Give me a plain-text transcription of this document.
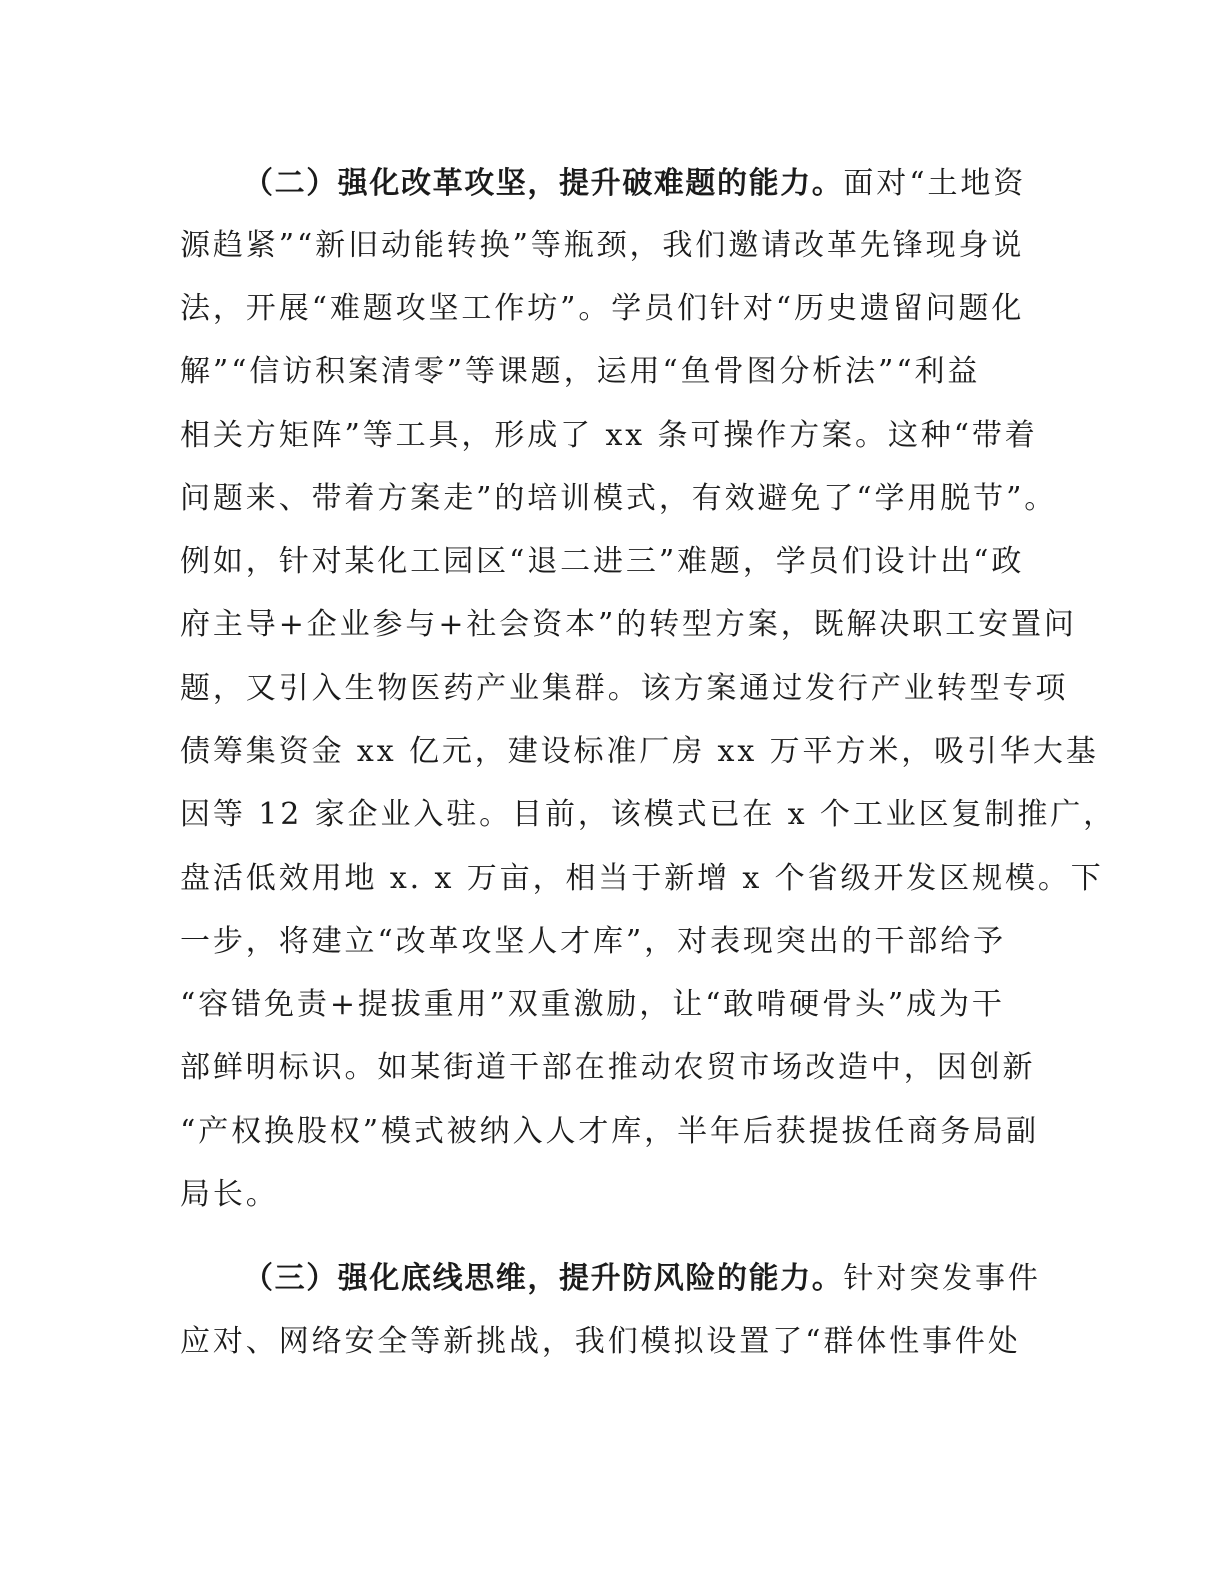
（二）强化改革攻坚，提升破难题的能力。面对“土地资
源趋紧”“新旧动能转换”等瓶颈，我们邀请改革先锋现身说
法，开展“难题攻坚工作坊”。学员们针对“历史遗留问题化
解”“信访积案清零”等课题，运用“鱼骨图分析法”“利益
相关方矩阵”等工具，形成了 xx 条可操作方案。这种“带着
问题来、带着方案走”的培训模式，有效避免了“学用脱节”。
例如，针对某化工园区“退二进三”难题，学员们设计出“政
府主导+企业参与+社会资本”的转型方案，既解决职工安置问
题，又引入生物医药产业集群。该方案通过发行产业转型专项
债筹集资金 xx 亿元，建设标准厂房 xx 万平方米，吸引华大基
因等 12 家企业入驻。目前，该模式已在 x 个工业区复制推广，
盘活低效用地 x. x 万亩，相当于新增 x 个省级开发区规模。下
一步，将建立“改革攻坚人才库”，对表现突出的干部给予
“容错免责+提拔重用”双重激励，让“敢啃硬骨头”成为干
部鲜明标识。如某街道干部在推动农贸市场改造中，因创新
“产权换股权”模式被纳入人才库，半年后获提拔任商务局副
局长。
（三）强化底线思维，提升防风险的能力。针对突发事件
应对、网络安全等新挑战，我们模拟设置了“群体性事件处
